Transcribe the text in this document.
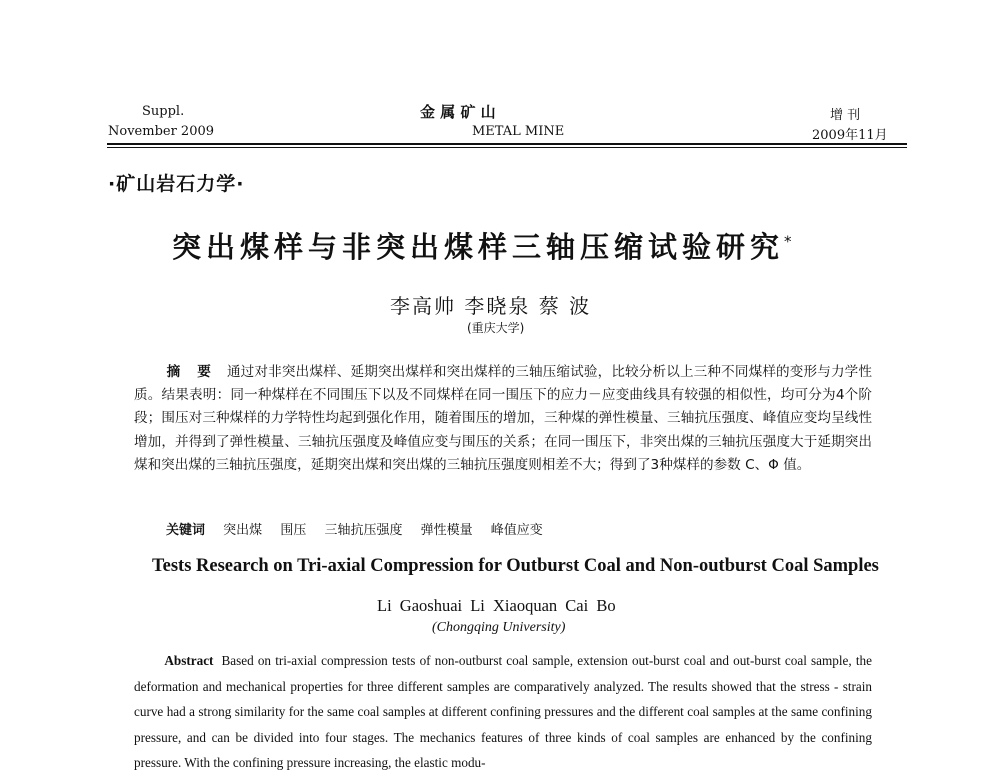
Suppl.
November 2009
金 属 矿 山
METAL MINE
增 刊
2009年11月
·矿山岩石力学·
突出煤样与非突出煤样三轴压缩试验研究*
李高帅 李晓泉 蔡 波
(重庆大学)
摘 要 通过对非突出煤样、延期突出煤样和突出煤样的三轴压缩试验，比较分析以上三种不同煤样的变形与力学性质。结果表明：同一种煤样在不同围压下以及不同煤样在同一围压下的应力－应变曲线具有较强的相似性，均可分为4个阶段；围压对三种煤样的力学特性均起到强化作用，随着围压的增加，三种煤的弹性模量、三轴抗压强度、峰值应变均呈线性增加，并得到了弹性模量、三轴抗压强度及峰值应变与围压的关系；在同一围压下，非突出煤的三轴抗压强度大于延期突出煤和突出煤的三轴抗压强度，延期突出煤和突出煤的三轴抗压强度则相差不大；得到了3种煤样的参数 C、Φ 值。
关键词 突出煤 围压 三轴抗压强度 弹性模量 峰值应变
Tests Research on Tri-axial Compression for Outburst Coal and Non-outburst Coal Samples
Li Gaoshuai Li Xiaoquan Cai Bo
(Chongqing University)
Abstract Based on tri-axial compression tests of non-outburst coal sample, extension out-burst coal and out-burst coal sample, the deformation and mechanical properties for three different samples are comparatively analyzed. The results showed that the stress - strain curve had a strong similarity for the same coal samples at different confining pressures and the different coal samples at the same confining pressure, and can be divided into four stages. The mechanics features of three kinds of coal samples are enhanced by the confining pressure. With the confining pressure increasing, the elastic modu-
